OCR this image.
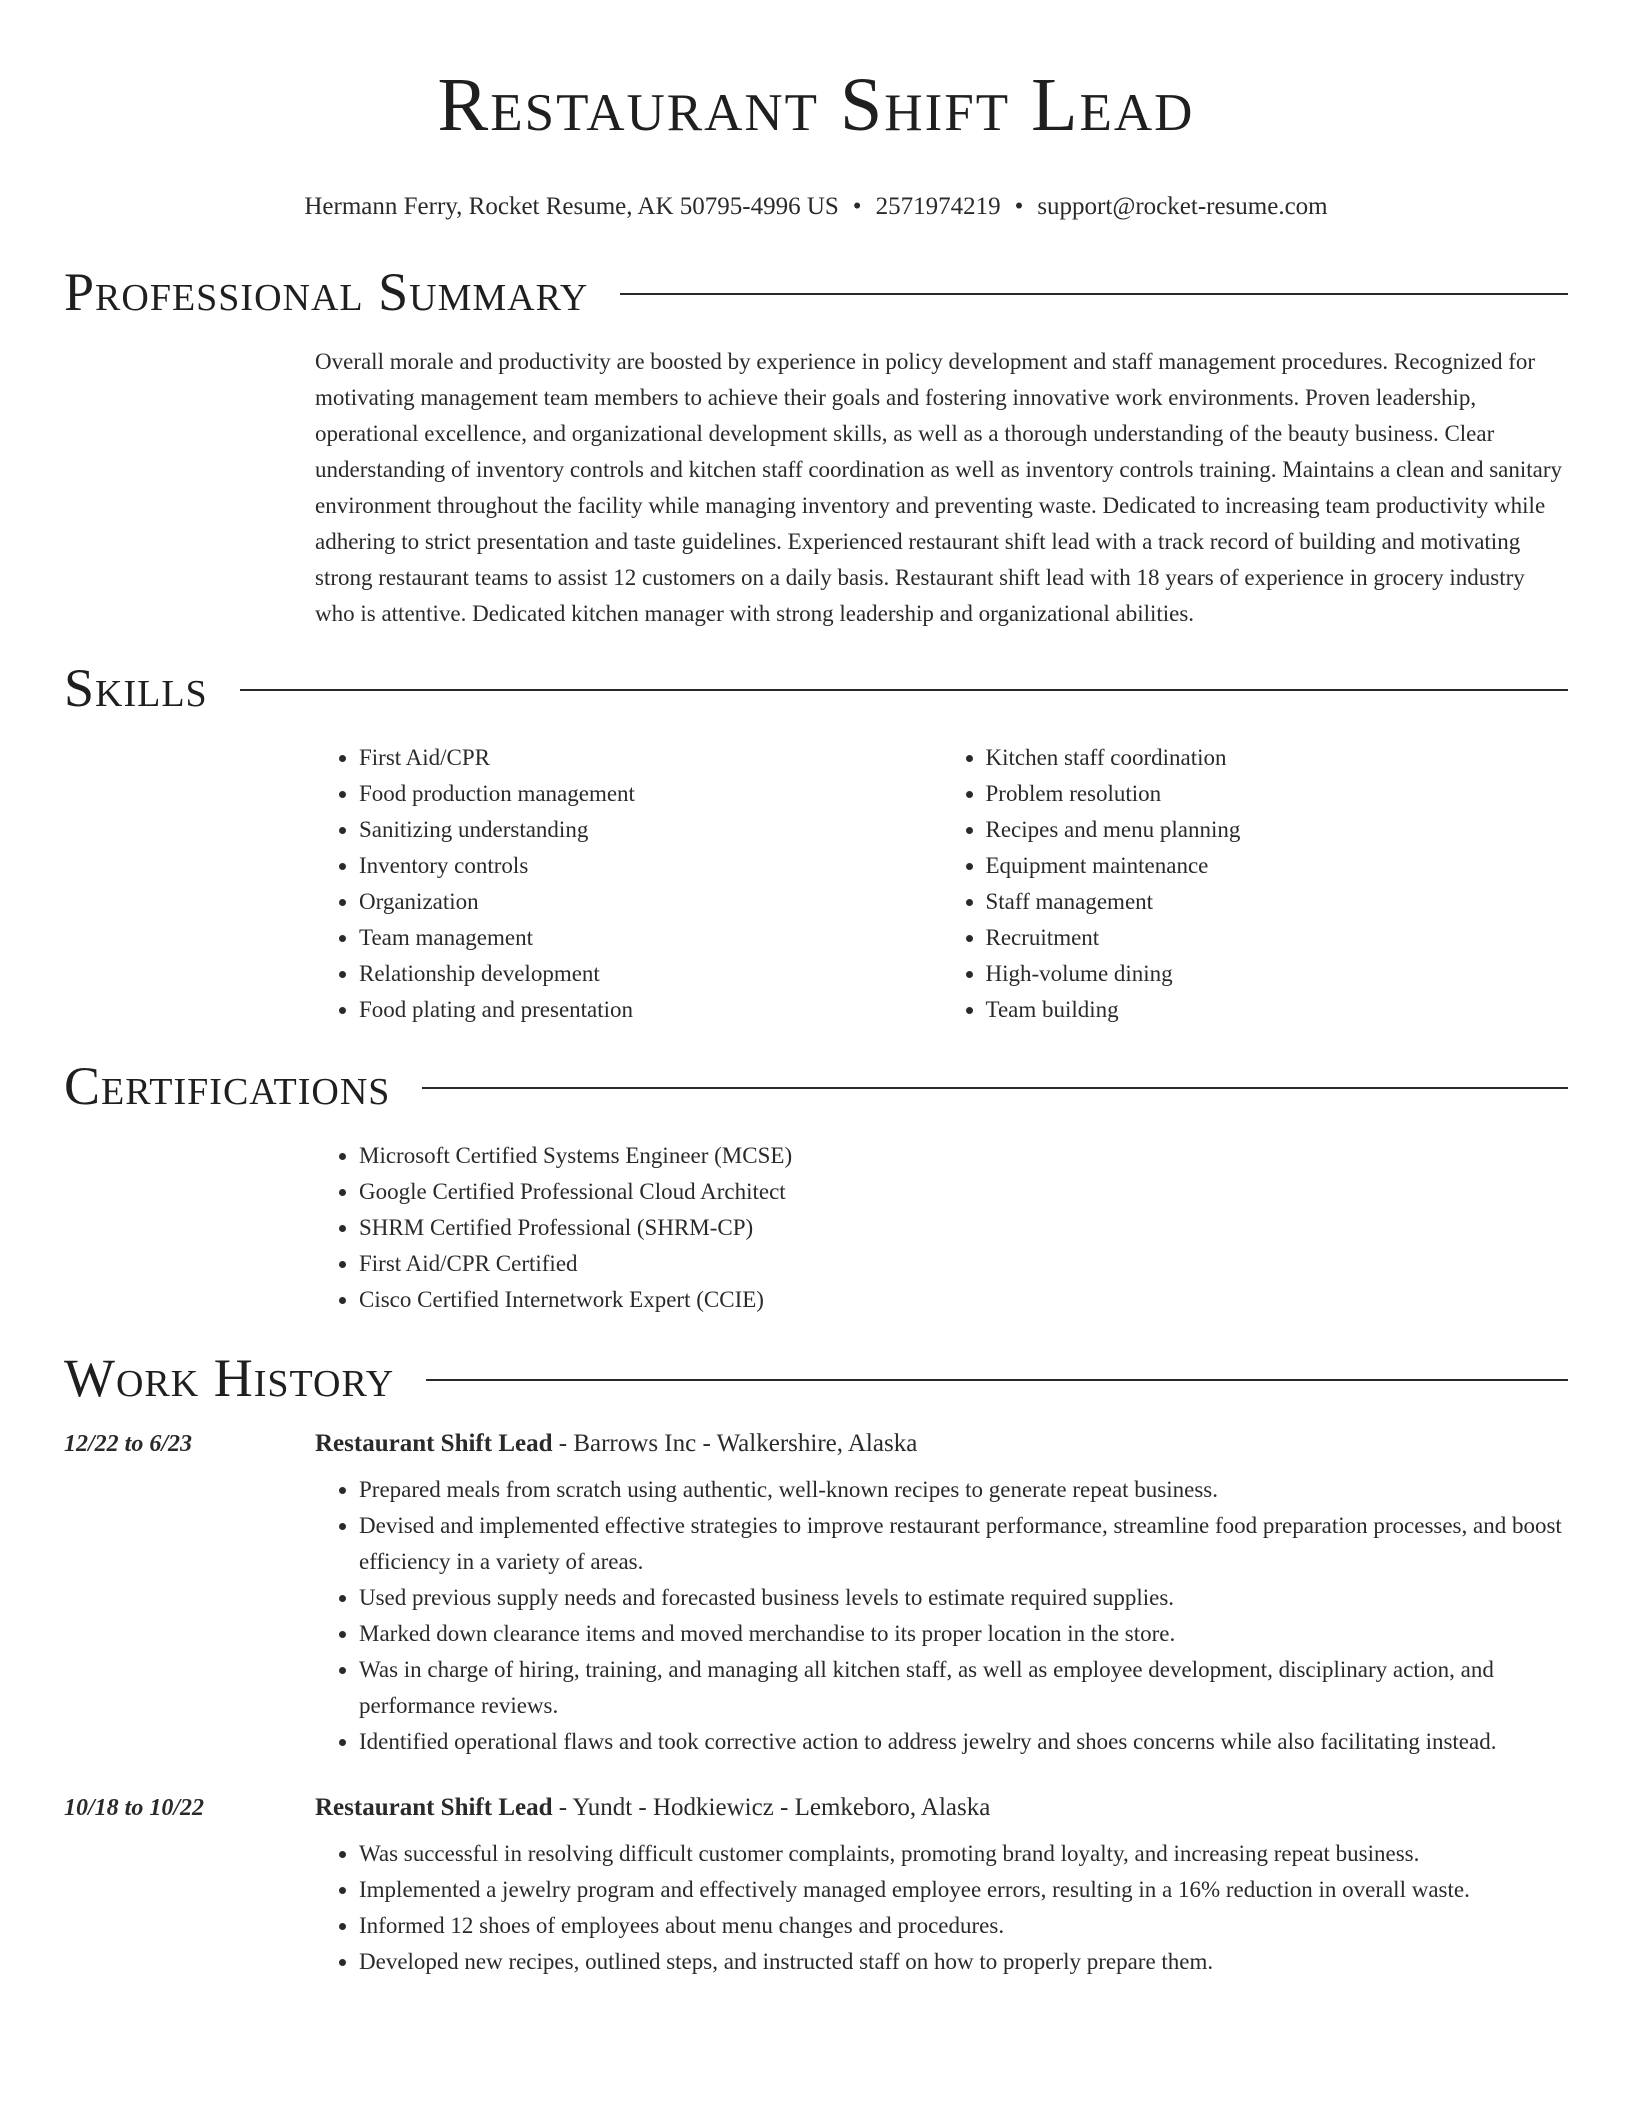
Restaurant Shift Lead
Hermann Ferry, Rocket Resume, AK 50795-4996 US • 2571974219 • support@rocket-resume.com
Professional Summary

Overall morale and productivity are boosted by experience in policy development and staff management procedures. Recognized for motivating management team members to achieve their goals and fostering innovative work environments. Proven leadership, operational excellence, and organizational development skills, as well as a thorough understanding of the beauty business. Clear understanding of inventory controls and kitchen staff coordination as well as inventory controls training. Maintains a clean and sanitary environment throughout the facility while managing inventory and preventing waste. Dedicated to increasing team productivity while adhering to strict presentation and taste guidelines. Experienced restaurant shift lead with a track record of building and motivating strong restaurant teams to assist 12 customers on a daily basis. Restaurant shift lead with 18 years of experience in grocery industry who is attentive. Dedicated kitchen manager with strong leadership and organizational abilities.

Skills
• First Aid/CPR
• Food production management
• Sanitizing understanding
• Inventory controls
• Organization
• Team management
• Relationship development
• Food plating and presentation
• Kitchen staff coordination
• Problem resolution
• Recipes and menu planning
• Equipment maintenance
• Staff management
• Recruitment
• High-volume dining
• Team building
Certifications
• Microsoft Certified Systems Engineer (MCSE)
• Google Certified Professional Cloud Architect
• SHRM Certified Professional (SHRM-CP)
• First Aid/CPR Certified
• Cisco Certified Internetwork Expert (CCIE)
Work History
12/22 to 6/23	Restaurant Shift Lead - Barrows Inc - Walkershire, Alaska
• Prepared meals from scratch using authentic, well-known recipes to generate repeat business.
• Devised and implemented effective strategies to improve restaurant performance, streamline food preparation processes, and boost efficiency in a variety of areas.
• Used previous supply needs and forecasted business levels to estimate required supplies.
• Marked down clearance items and moved merchandise to its proper location in the store.
• Was in charge of hiring, training, and managing all kitchen staff, as well as employee development, disciplinary action, and performance reviews.
• Identified operational flaws and took corrective action to address jewelry and shoes concerns while also facilitating instead.
10/18 to 10/22	Restaurant Shift Lead - Yundt - Hodkiewicz - Lemkeboro, Alaska
• Was successful in resolving difficult customer complaints, promoting brand loyalty, and increasing repeat business.
• Implemented a jewelry program and effectively managed employee errors, resulting in a 16% reduction in overall waste.
• Informed 12 shoes of employees about menu changes and procedures.
• Developed new recipes, outlined steps, and instructed staff on how to properly prepare them.
